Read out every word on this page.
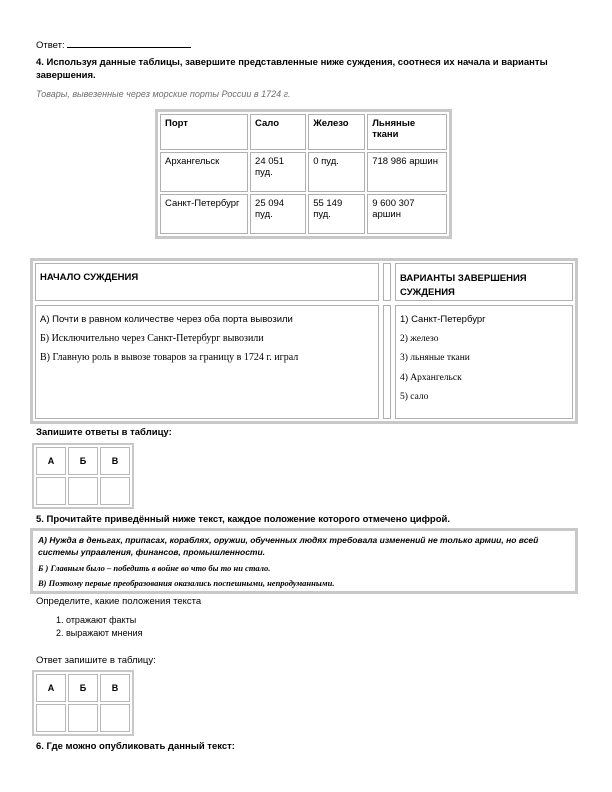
Ответ:
4. Используя данные таблицы, завершите представленные ниже суждения, соотнеся их начала и варианты завершения.
Товары, вывезенные через морские порты России в 1724 г.
Порт	Сало	Железо	Льняные ткани
Архангельск	24 051 пуд.	0 пуд.	718 986 аршин
Санкт-Петербург	25 094 пуд.	55 149 пуд.	9 600 307 аршин
НАЧАЛО СУЖДЕНИЯ	ВАРИАНТЫ ЗАВЕРШЕНИЯ СУЖДЕНИЯ
А) Почти в равном количестве через оба порта вывозили
Б) Исключительно через Санкт-Петербург вывозили
В) Главную роль в вывозе товаров за границу в 1724 г. играл
1) Санкт-Петербург
2) железо
3) льняные ткани
4) Архангельск
5) сало
Запишите ответы в таблицу:
А	Б	В

5. Прочитайте приведённый ниже текст, каждое положение которого отмечено цифрой.
А) Нужда в деньгах, припасах, кораблях, оружии, обученных людях требовала изменений не только армии, но всей системы управления, финансов, промышленности.
Б ) Главным было – победить в войне во что бы то ни стало.
В) Поэтому первые преобразования оказались поспешными, непродуманными.
Определите, какие положения текста
1. отражают факты
2. выражают мнения
Ответ запишите в таблицу:
А	Б	В

6. Где можно опубликовать данный текст:
